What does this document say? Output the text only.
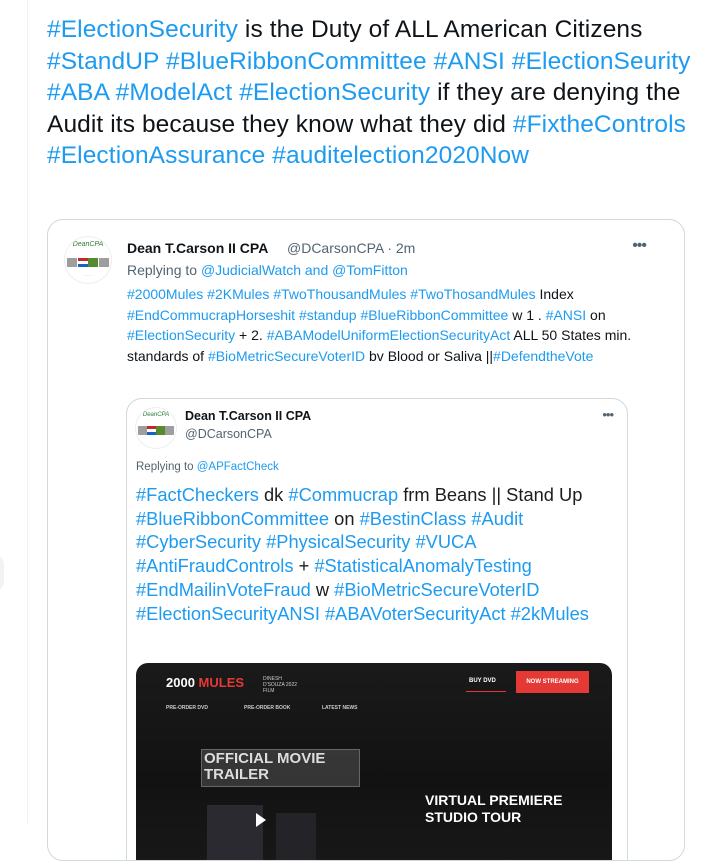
#ElectionSecurity is the Duty of ALL American Citizens #StandUP #BlueRibbonCommittee #ANSI #ElectionSeurity #ABA #ModelAct #ElectionSecurity if they are denying the Audit its because they know what they did #FixtheControls #ElectionAssurance #auditelection2020Now
DeanCPA
· · ·
Dean T.Carson II CPA @DCarsonCPA · 2m	•••
Replying to @JudicialWatch and @TomFitton
#2000Mules #2KMules #TwoThousandMules #TwoThosandMules Index #EndCommucrapHorseshit #standup #BlueRibbonCommittee w 1 . #ANSI on #ElectionSecurity + 2. #ABAModelUniformElectionSecurityAct ALL 50 States min. standards of #BioMetricSecureVoterID bv Blood or Saliva ||#DefendtheVote
DeanCPA	Dean T.Carson II CPA
@DCarsonCPA
•••
Replying to @APFactCheck
#FactCheckers dk #Commucrap frm Beans || Stand Up #BlueRibbonCommittee on #BestinClass #Audit #CyberSecurity #PhysicalSecurity #VUCA #AntiFraudControls + #StatisticalAnomalyTesting #EndMailinVoteFraud w #BioMetricSecureVoterID #ElectionSecurityANSI #ABAVoterSecurityAct #2kMules
2000 MULES	DINESH D'SOUZA 2022 FILM
BUY DVD	NOW STREAMING
PRE-ORDER DVD	PRE-ORDER BOOK	LATEST NEWS
OFFICIAL MOVIE TRAILER
VIRTUAL PREMIERE STUDIO TOUR
